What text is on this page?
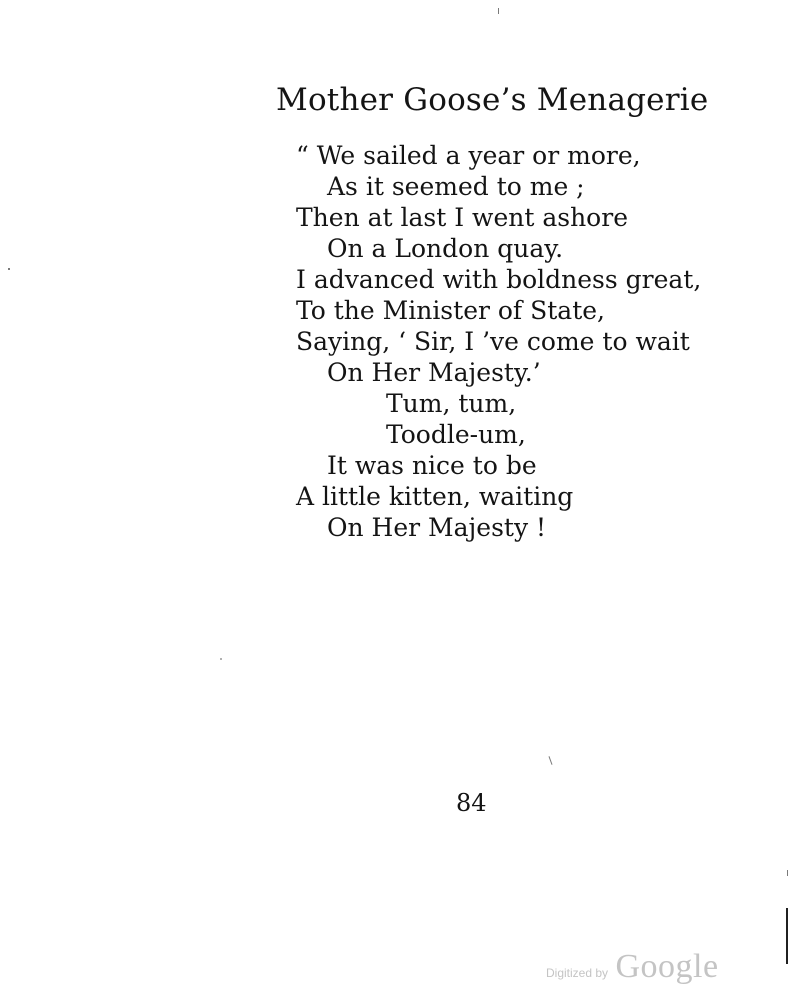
Mother Goose’s Menagerie
“ We sailed a year or more,
As it seemed to me ;
Then at last I went ashore
On a London quay.
I advanced with boldness great,
To the Minister of State,
Saying, ‘ Sir, I ’ve come to wait
On Her Majesty.’
Tum, tum,
Toodle-um,
It was nice to be
A little kitten, waiting
On Her Majesty !
84
Digitized by Google
